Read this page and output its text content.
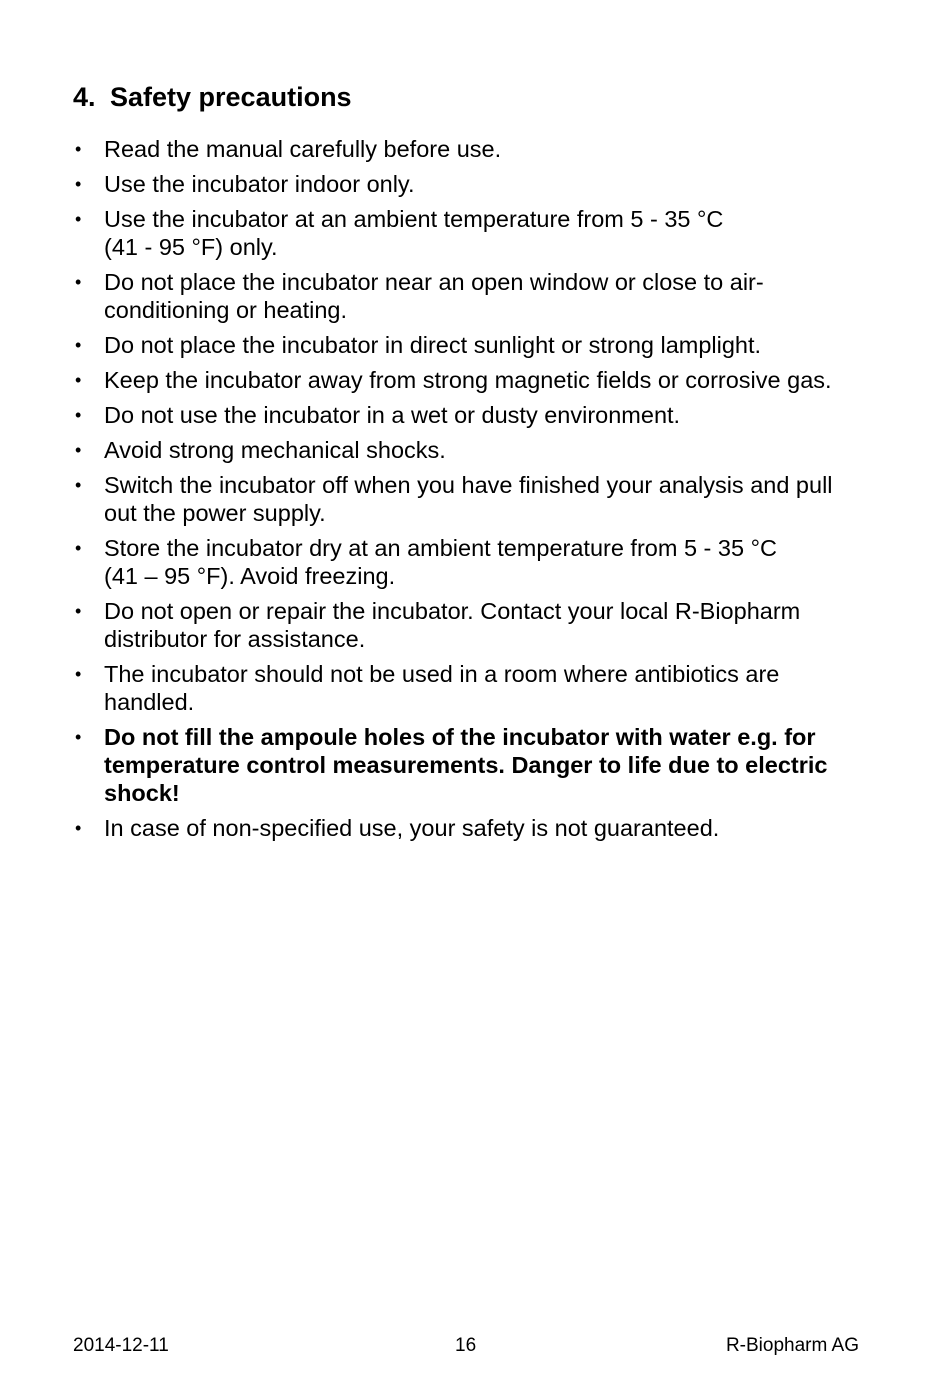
4. Safety precautions
• Read the manual carefully before use.
• Use the incubator indoor only.
• Use the incubator at an ambient temperature from 5 - 35 °C
(41 - 95 °F) only.
• Do not place the incubator near an open window or close to air-
conditioning or heating.
• Do not place the incubator in direct sunlight or strong lamplight.
• Keep the incubator away from strong magnetic fields or corrosive gas.
• Do not use the incubator in a wet or dusty environment.
• Avoid strong mechanical shocks.
• Switch the incubator off when you have finished your analysis and pull
out the power supply.
• Store the incubator dry at an ambient temperature from 5 - 35 °C
(41 – 95 °F). Avoid freezing.
• Do not open or repair the incubator. Contact your local R-Biopharm
distributor for assistance.
• The incubator should not be used in a room where antibiotics are
handled.
• Do not fill the ampoule holes of the incubator with water e.g. for
temperature control measurements. Danger to life due to electric
shock!
• In case of non-specified use, your safety is not guaranteed.
2014-12-11	16	R-Biopharm AG
